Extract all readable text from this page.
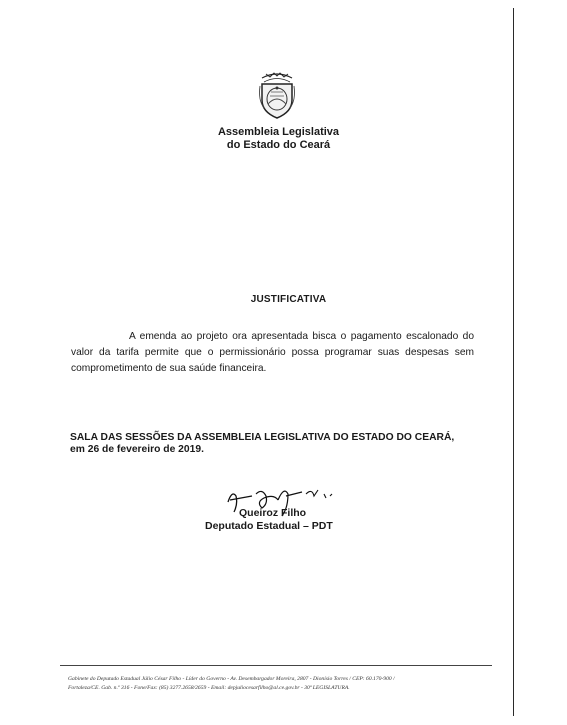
Assembleia Legislativa
do Estado do Ceará
JUSTIFICATIVA
A emenda ao projeto ora apresentada bisca o pagamento escalonado do valor da tarifa permite que o permissionário possa programar suas despesas sem comprometimento de sua saúde financeira.
SALA DAS SESSÕES DA ASSEMBLEIA LEGISLATIVA DO ESTADO DO CEARÁ,
em 26 de fevereiro de 2019.
Queiroz Filho
Deputado Estadual – PDT
Gabinete do Deputado Estadual Júlio César Filho - Líder do Governo - Av. Desembargador Moreira, 2807 - Dionísio Torres / CEP: 60.170-900 /
Fortaleza/CE. Gab. n.º 316 - Fone/Fax: (85) 3277.2658/2659 - Email: depjuliocesarfilho@al.ce.gov.br - 30ª LEGISLATURA.
